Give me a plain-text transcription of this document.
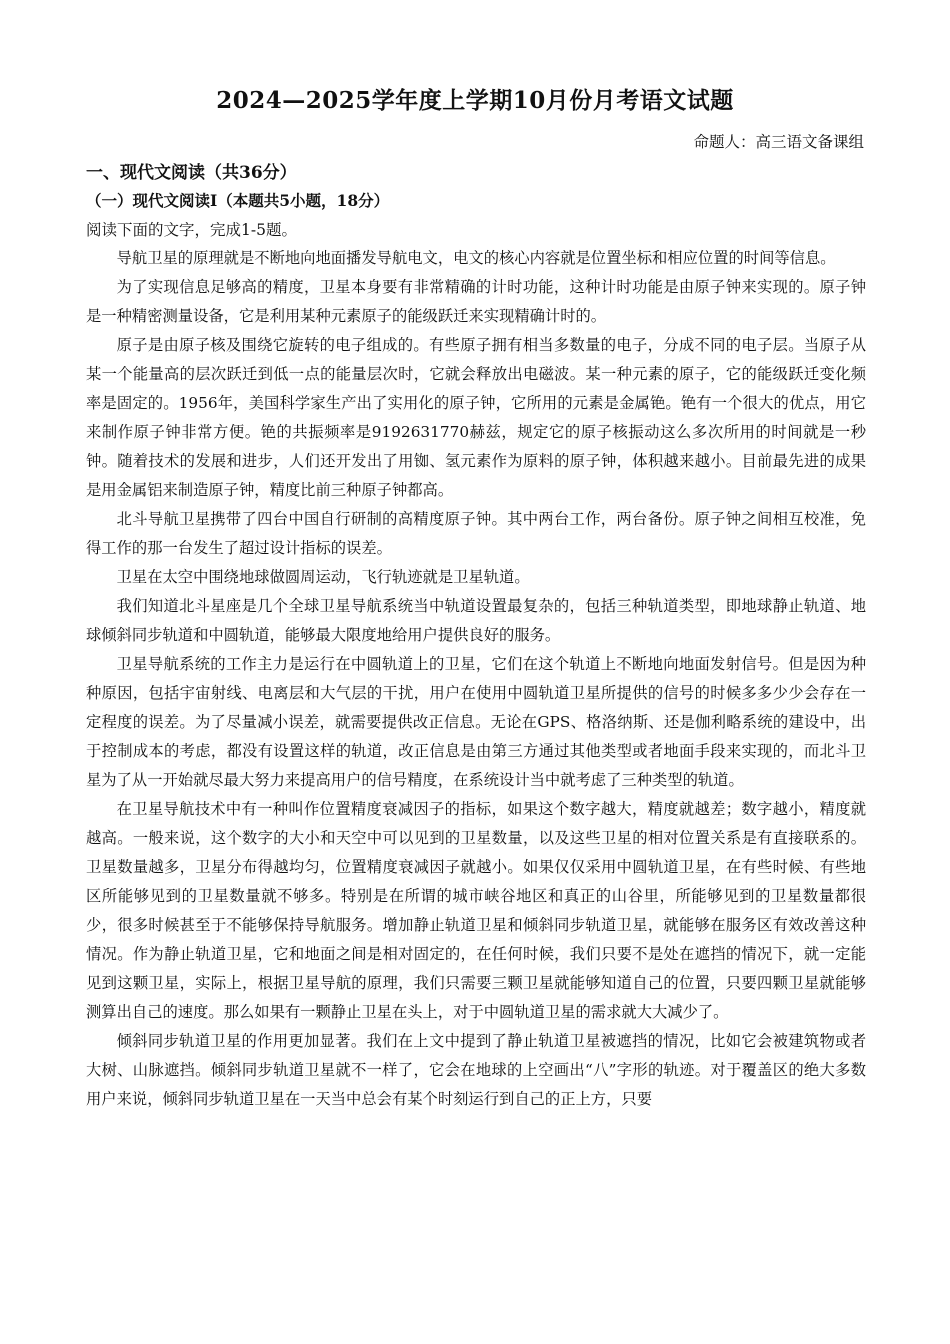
2024—2025学年度上学期10月份月考语文试题
命题人：高三语文备课组
一、现代文阅读（共36分）
（一）现代文阅读Ⅰ（本题共5小题，18分）
阅读下面的文字，完成1-5题。

导航卫星的原理就是不断地向地面播发导航电文，电文的核心内容就是位置坐标和相应位置的时间等信息。

为了实现信息足够高的精度，卫星本身要有非常精确的计时功能，这种计时功能是由原子钟来实现的。原子钟是一种精密测量设备，它是利用某种元素原子的能级跃迁来实现精确计时的。

原子是由原子核及围绕它旋转的电子组成的。有些原子拥有相当多数量的电子，分成不同的电子层。当原子从某一个能量高的层次跃迁到低一点的能量层次时，它就会释放出电磁波。某一种元素的原子，它的能级跃迁变化频率是固定的。1956年，美国科学家生产出了实用化的原子钟，它所用的元素是金属铯。铯有一个很大的优点，用它来制作原子钟非常方便。铯的共振频率是9192631770赫兹，规定它的原子核振动这么多次所用的时间就是一秒钟。随着技术的发展和进步，人们还开发出了用铷、氢元素作为原料的原子钟，体积越来越小。目前最先进的成果是用金属铝来制造原子钟，精度比前三种原子钟都高。

北斗导航卫星携带了四台中国自行研制的高精度原子钟。其中两台工作，两台备份。原子钟之间相互校准，免得工作的那一台发生了超过设计指标的误差。

卫星在太空中围绕地球做圆周运动，飞行轨迹就是卫星轨道。

我们知道北斗星座是几个全球卫星导航系统当中轨道设置最复杂的，包括三种轨道类型，即地球静止轨道、地球倾斜同步轨道和中圆轨道，能够最大限度地给用户提供良好的服务。

卫星导航系统的工作主力是运行在中圆轨道上的卫星，它们在这个轨道上不断地向地面发射信号。但是因为种种原因，包括宇宙射线、电离层和大气层的干扰，用户在使用中圆轨道卫星所提供的信号的时候多多少少会存在一定程度的误差。为了尽量减小误差，就需要提供改正信息。无论在GPS、格洛纳斯、还是伽利略系统的建设中，出于控制成本的考虑，都没有设置这样的轨道，改正信息是由第三方通过其他类型或者地面手段来实现的，而北斗卫星为了从一开始就尽最大努力来提高用户的信号精度，在系统设计当中就考虑了三种类型的轨道。

在卫星导航技术中有一种叫作位置精度衰减因子的指标，如果这个数字越大，精度就越差；数字越小，精度就越高。一般来说，这个数字的大小和天空中可以见到的卫星数量，以及这些卫星的相对位置关系是有直接联系的。卫星数量越多，卫星分布得越均匀，位置精度衰减因子就越小。如果仅仅采用中圆轨道卫星，在有些时候、有些地区所能够见到的卫星数量就不够多。特别是在所谓的城市峡谷地区和真正的山谷里，所能够见到的卫星数量都很少，很多时候甚至于不能够保持导航服务。增加静止轨道卫星和倾斜同步轨道卫星，就能够在服务区有效改善这种情况。作为静止轨道卫星，它和地面之间是相对固定的，在任何时候，我们只要不是处在遮挡的情况下，就一定能见到这颗卫星，实际上，根据卫星导航的原理，我们只需要三颗卫星就能够知道自己的位置，只要四颗卫星就能够测算出自己的速度。那么如果有一颗静止卫星在头上，对于中圆轨道卫星的需求就大大减少了。

倾斜同步轨道卫星的作用更加显著。我们在上文中提到了静止轨道卫星被遮挡的情况，比如它会被建筑物或者大树、山脉遮挡。倾斜同步轨道卫星就不一样了，它会在地球的上空画出“八”字形的轨迹。对于覆盖区的绝大多数用户来说，倾斜同步轨道卫星在一天当中总会有某个时刻运行到自己的正上方，只要
